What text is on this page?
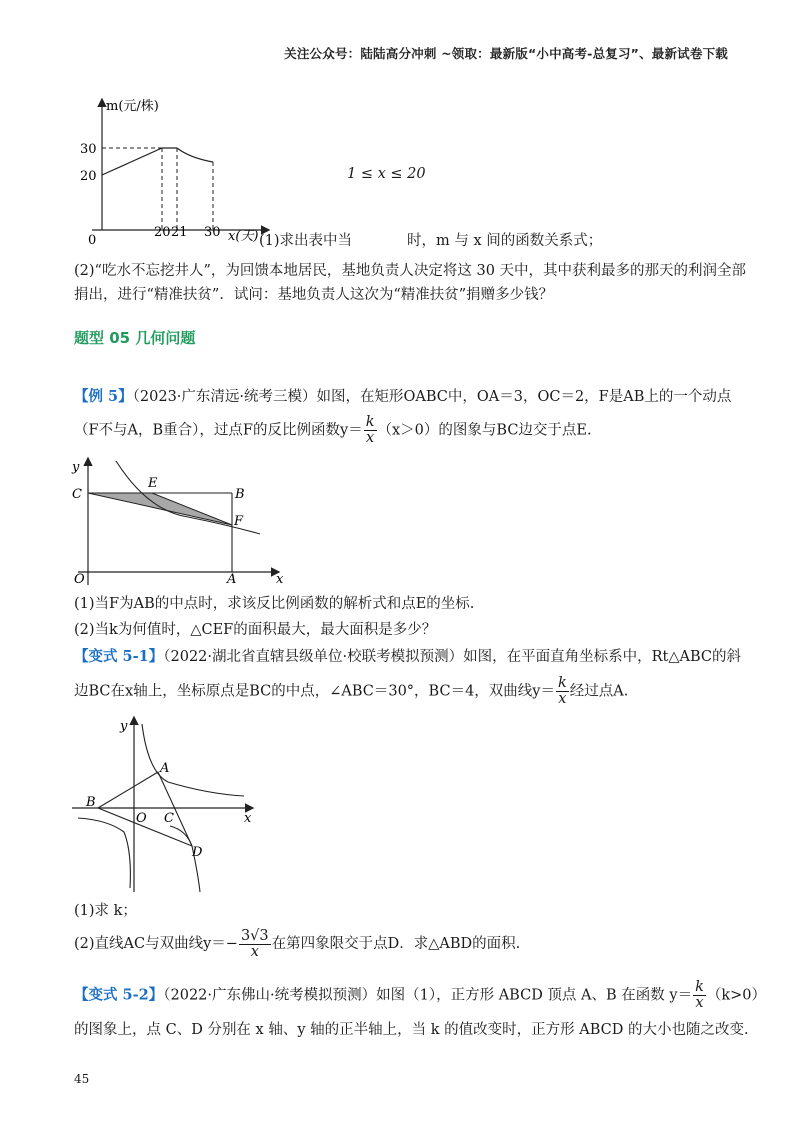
关注公众号：陆陆高分冲刺 ~领取：最新版“小中高考-总复习”、最新试卷下载
m(元/株)
30
20
0
20 21 30 x(天)
1 ≤ x ≤ 20
(1)求出表中当	时，m 与 x 间的函数关系式；
(2)“吃水不忘挖井人”，为回馈本地居民，基地负责人决定将这 30 天中，其中获利最多的那天的利润全部
捐出，进行“精准扶贫”．试问：基地负责人这次为“精准扶贫”捐赠多少钱？
题型 05 几何问题
【例 5】（2023·广东清远·统考三模）如图，在矩形OABC中，OA＝3，OC＝2，F是AB上的一个动点
（F不与A，B重合），过点F的反比例函数$y= \frac{k}{x} (x>0)$的图象与BC边交于点E.
y
C
E
B
F
O	A	x
(1)当F为AB的中点时，求该反比例函数的解析式和点E的坐标.
(2)当k为何值时，△CEF的面积最大，最大面积是多少？
【变式 5-1】（2022·湖北省直辖县级单位·校联考模拟预测）如图，在平面直角坐标系中，Rt△ABC的斜
边BC在x轴上，坐标原点是BC的中点，∠ABC＝30°，BC＝4，双曲线$y= \frac{k}{x}$ 经过点A.
y
A
B
O C	x
D
(1)求 k；
(2)直线AC与双曲线$y=- \frac{3√3}{x}$ 在第四象限交于点D．求△ABD的面积.
【变式 5-2】（2022·广东佛山·统考模拟预测）如图（1），正方形 ABCD 顶点 A、B 在函数 $y= \frac{k}{x} (k>0)$
的图象上，点 C、D 分别在 x 轴、y 轴的正半轴上，当 k 的值改变时，正方形 ABCD 的大小也随之改变.
45
